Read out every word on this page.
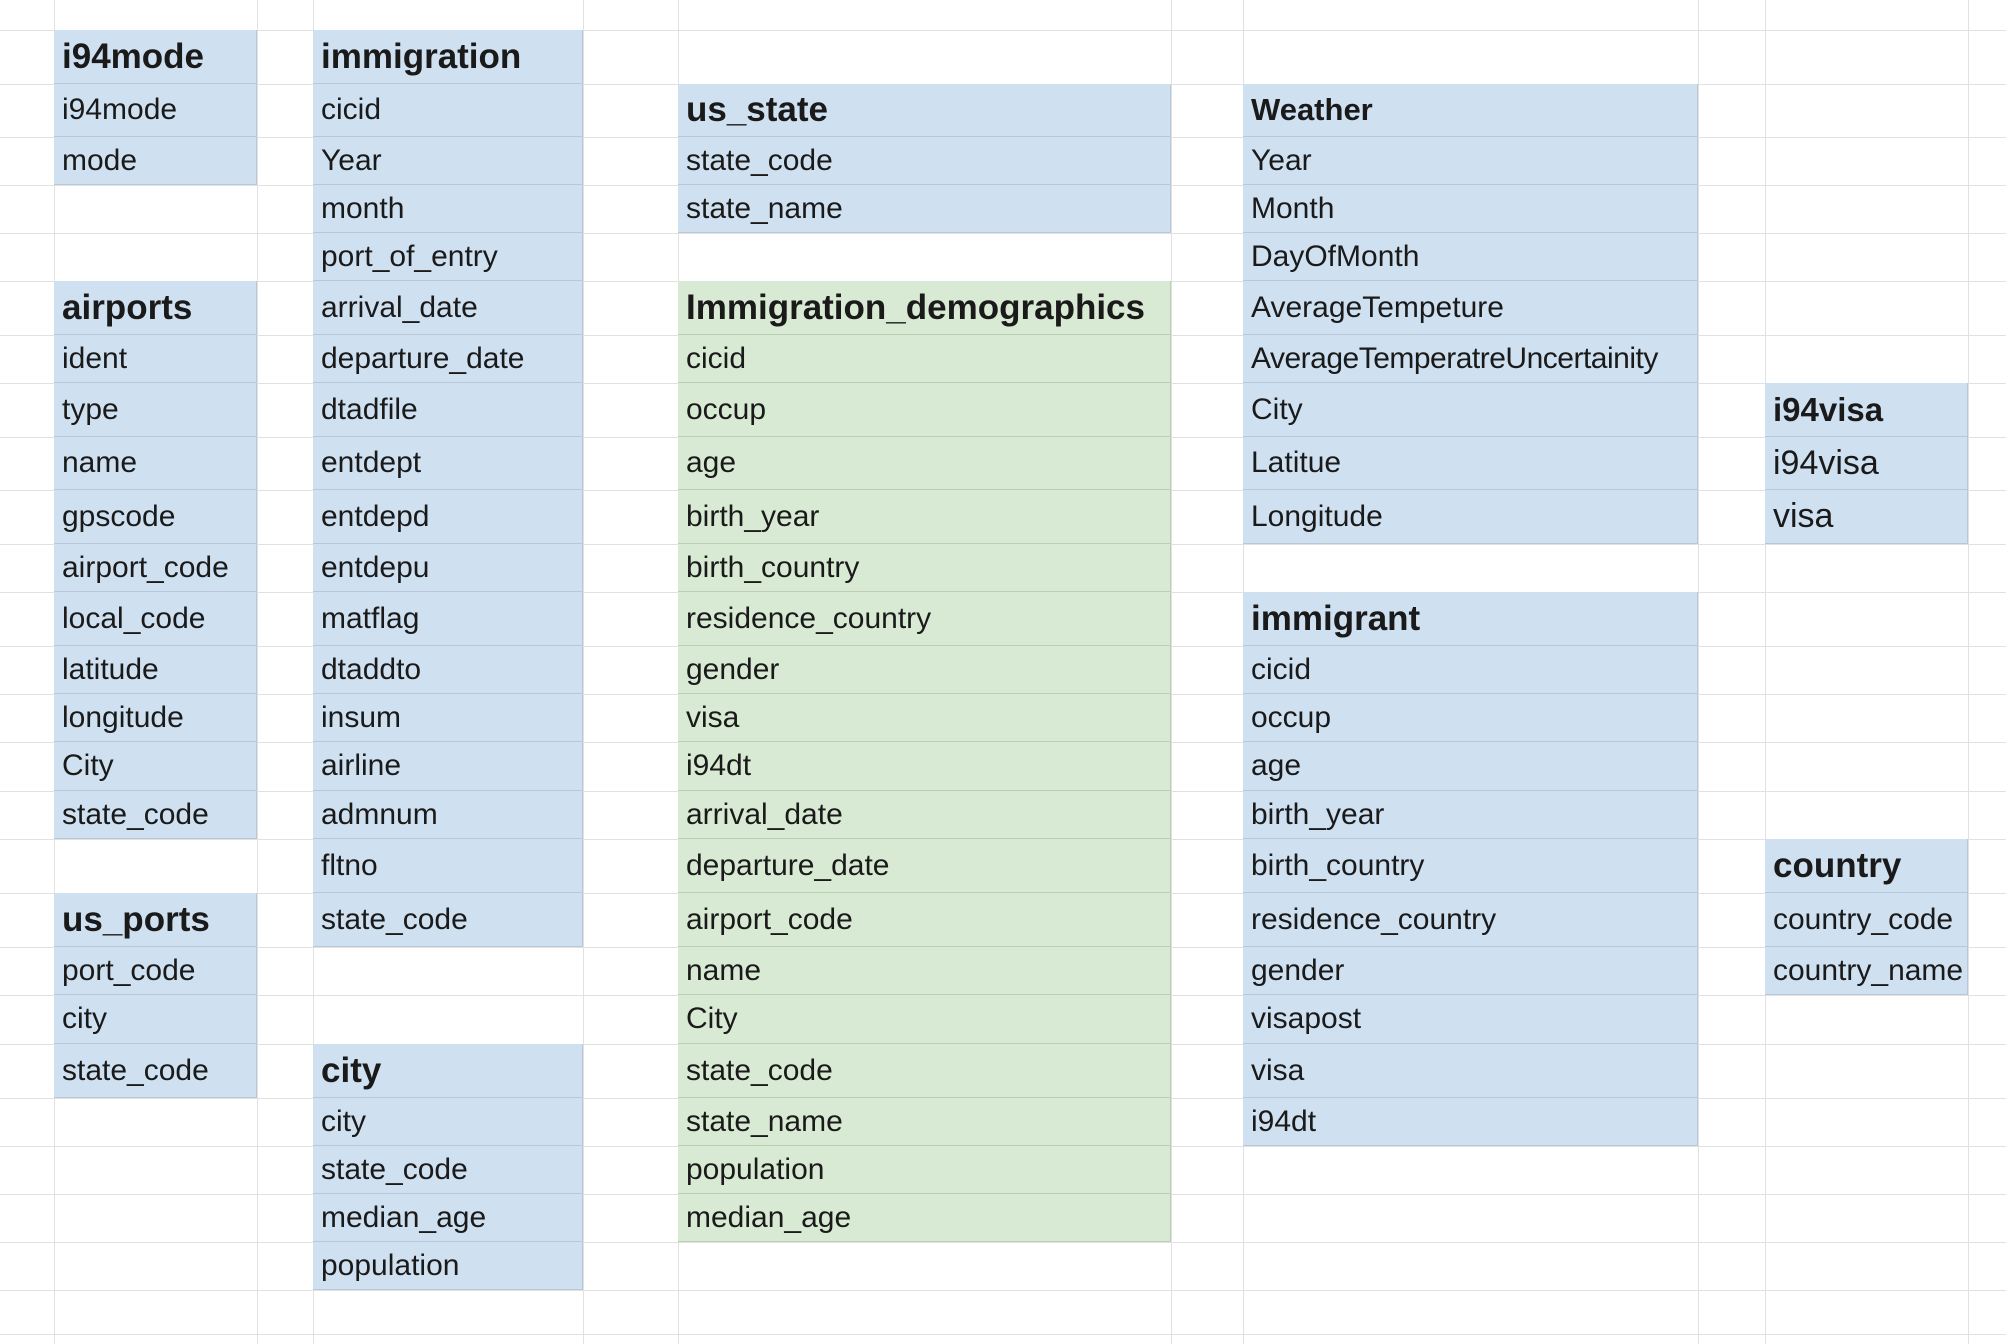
i94mode
i94mode
mode
airports
ident
type
name
gpscode
airport_code
local_code
latitude
longitude
City
state_code
us_ports
port_code
city
state_code
immigration
cicid
Year
month
port_of_entry
arrival_date
departure_date
dtadfile
entdept
entdepd
entdepu
matflag
dtaddto
insum
airline
admnum
fltno
state_code
city
city
state_code
median_age
population
us_state
state_code
state_name
Immigration_demographics
cicid
occup
age
birth_year
birth_country
residence_country
gender
visa
i94dt
arrival_date
departure_date
airport_code
name
City
state_code
state_name
population
median_age
Weather
Year
Month
DayOfMonth
AverageTempeture
AverageTemperatreUncertainity
City
Latitue
Longitude
immigrant
cicid
occup
age
birth_year
birth_country
residence_country
gender
visapost
visa
i94dt
i94visa
i94visa
visa
country
country_code
country_name
